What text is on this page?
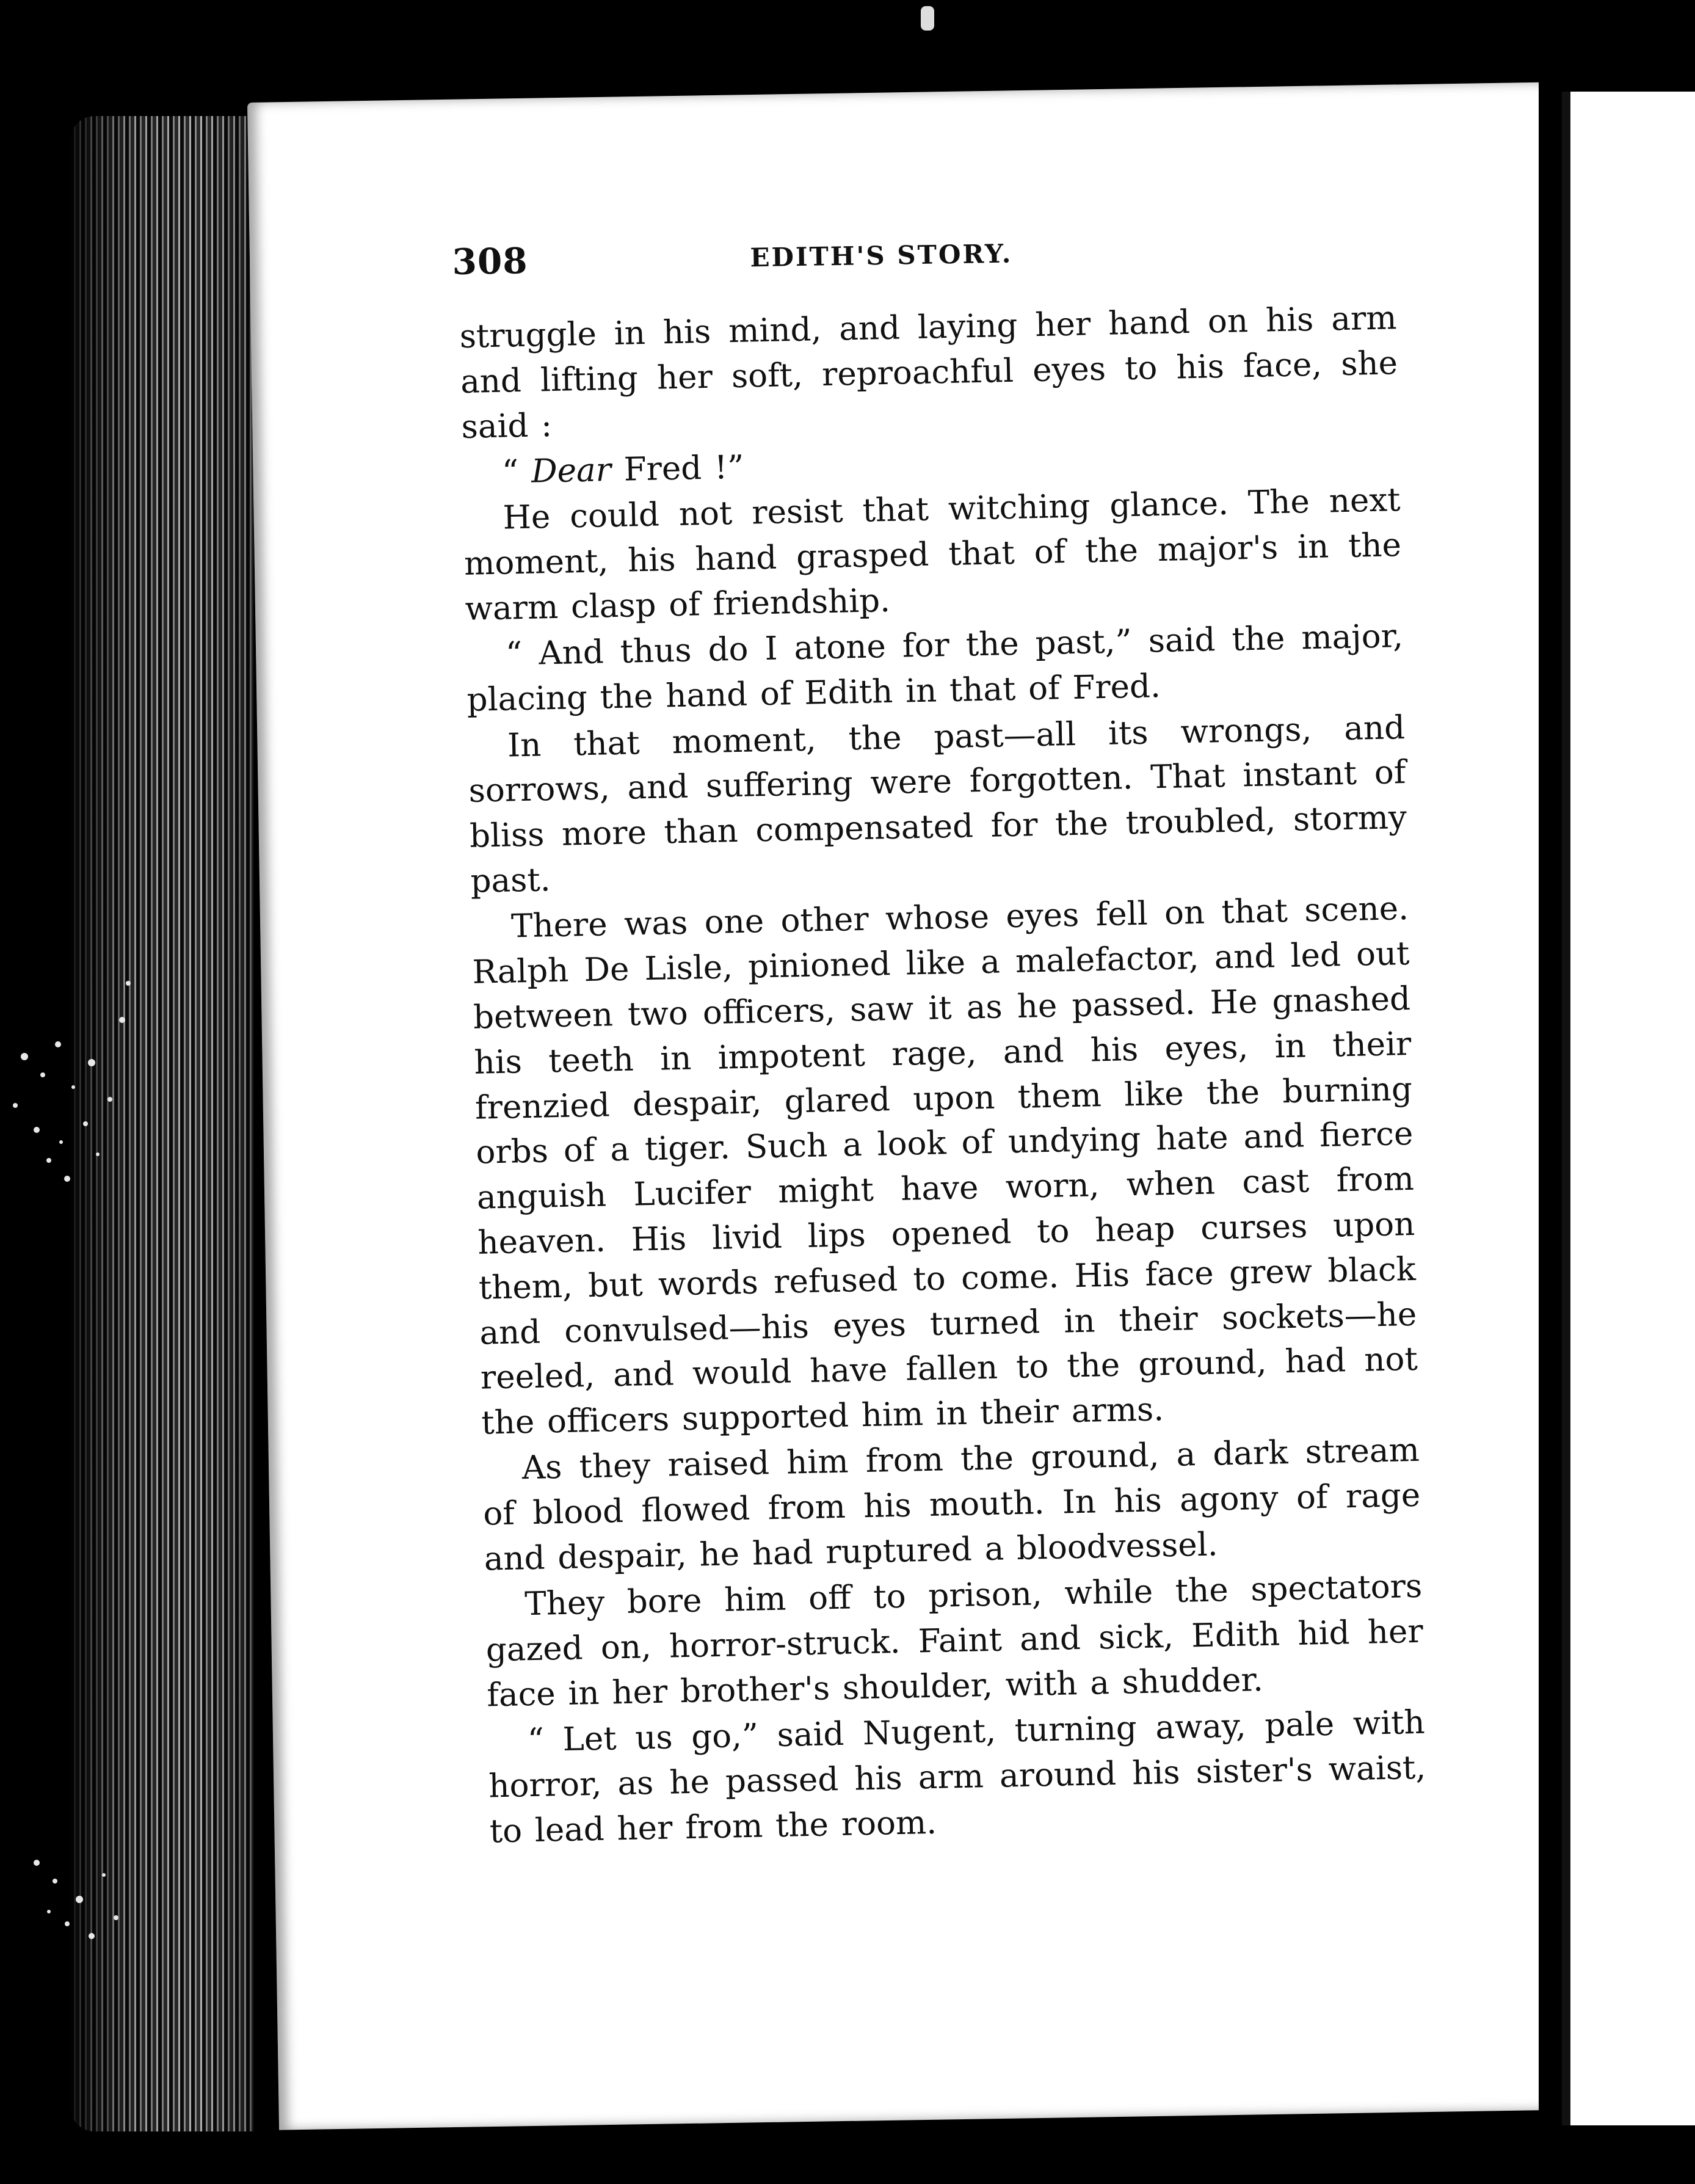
308	EDITH'S STORY.

struggle in his mind, and laying her hand on his arm and lifting her soft, reproachful eyes to his face, she said :

“ Dear Fred !”

He could not resist that witching glance. The next moment, his hand grasped that of the major's in the warm clasp of friendship.

“ And thus do I atone for the past,” said the major, placing the hand of Edith in that of Fred.

In that moment, the past—all its wrongs, and sorrows, and suffering were forgotten. That instant of bliss more than compensated for the troubled, stormy past.

There was one other whose eyes fell on that scene. Ralph De Lisle, pinioned like a malefactor, and led out between two officers, saw it as he passed. He gnashed his teeth in impotent rage, and his eyes, in their frenzied despair, glared upon them like the burning orbs of a tiger. Such a look of undying hate and fierce anguish Lucifer might have worn, when cast from heaven. His livid lips opened to heap curses upon them, but words refused to come. His face grew black and convulsed—his eyes turned in their sockets—he reeled, and would have fallen to the ground, had not the officers supported him in their arms.

As they raised him from the ground, a dark stream of blood flowed from his mouth. In his agony of rage and despair, he had ruptured a bloodvessel.

They bore him off to prison, while the spectators gazed on, horror-struck. Faint and sick, Edith hid her face in her brother's shoulder, with a shudder.

“ Let us go,” said Nugent, turning away, pale with horror, as he passed his arm around his sister's waist, to lead her from the room.
